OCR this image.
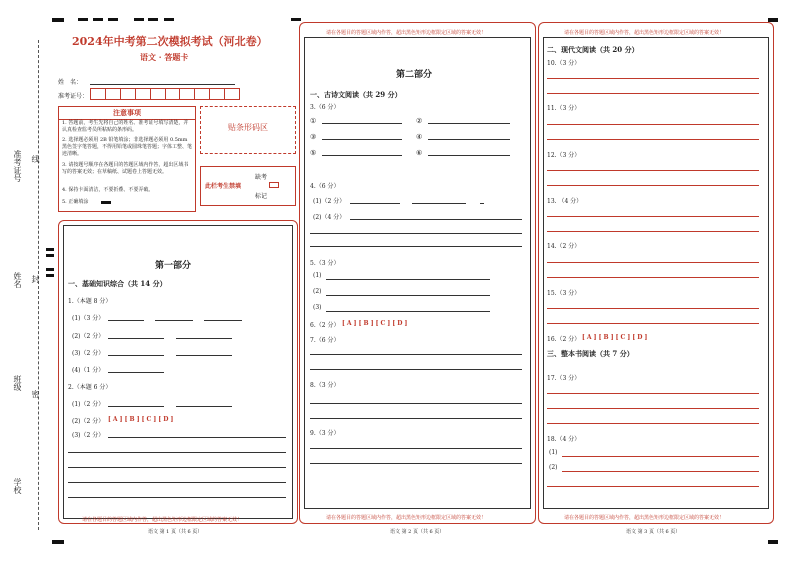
准考证号 线
姓名 封
班级
密
学校
2024年中考第二次模拟考试（河北卷）
语文 · 答题卡
姓　名：
准考证号：
注意事项
1. 答题前，考生先将自己的姓名、准考证号填写清楚，并认真检查监考员所粘贴的条形码。
2. 选择题必须用 2B 铅笔填涂；非选择题必须用 0.5mm 黑色签字笔答题，不得用铅笔或圆珠笔答题；字体工整、笔迹清晰。
3. 请按题号顺序在各题目的答题区域内作答，超出区域书写的答案无效；在草稿纸、试题卷上答题无效。
4. 保持卡面清洁，不要折叠、不要弄破。
5. 正确填涂
贴条形码区
此栏考生禁填
缺考
标记
第一部分
一、基础知识综合（共 14 分）
1.（本题 8 分）
(1)（3 分）
(2)（2 分）
(3)（2 分）
(4)（1 分）
2.（本题 6 分）
(1)（2 分）
(2)（2 分） [ A ] [ B ] [ C ] [ D ]
(3)（2 分）
请在各题目的答题区域内作答，超出黑色矩形边框限定区域的答案无效！
语文 第 1 页（共 6 页）
请在各题目的答题区域内作答，超出黑色矩形边框限定区域的答案无效！
第二部分
一、古诗文阅读（共 29 分）
3.（6 分）
①	②
③	④
⑤	⑥
4.（6 分）
(1)（2 分）
(2)（4 分）
5.（3 分）
(1)
(2)
(3)
6.（2 分） [ A ] [ B ] [ C ] [ D ]
7.（6 分）
8.（3 分）
9.（3 分）
请在各题目的答题区域内作答，超出黑色矩形边框限定区域的答案无效！
语文 第 2 页（共 6 页）
请在各题目的答题区域内作答，超出黑色矩形边框限定区域的答案无效！
二、现代文阅读（共 20 分）
10.（3 分）
11.（3 分）
12.（3 分）
13. （4 分）
14.（2 分）
15.（3 分）
16.（2 分） [ A ] [ B ] [ C ] [ D ]
三、整本书阅读（共 7 分）
17.（3 分）
18.（4 分）
(1)
(2)
请在各题目的答题区域内作答，超出黑色矩形边框限定区域的答案无效！
语文 第 3 页（共 6 页）
